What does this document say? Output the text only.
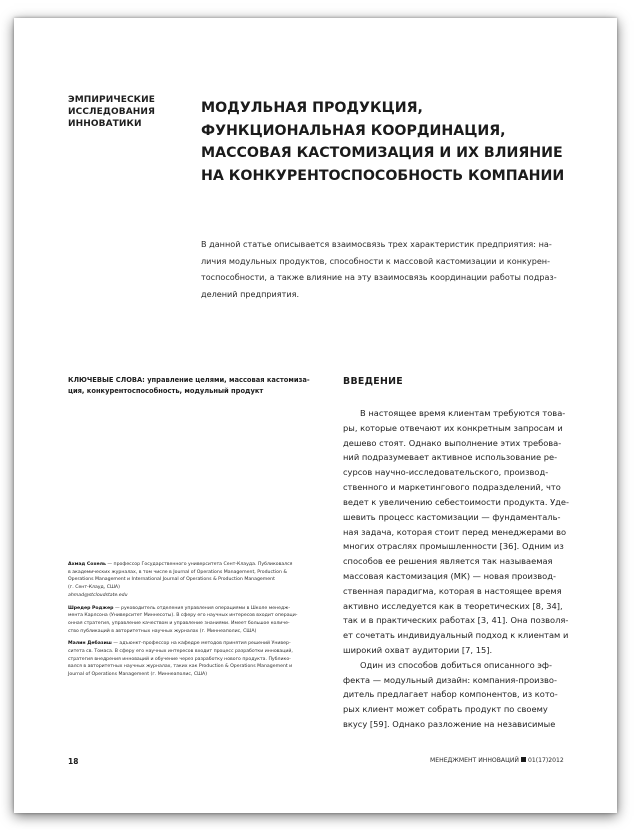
ЭМПИРИЧЕСКИЕ
ИССЛЕДОВАНИЯ
ИННОВАТИКИ
МОДУЛЬНАЯ ПРОДУКЦИЯ,
ФУНКЦИОНАЛЬНАЯ КООРДИНАЦИЯ,
МАССОВАЯ КАСТОМИЗАЦИЯ И ИХ ВЛИЯНИЕ
НА КОНКУРЕНТОСПОСОБНОСТЬ КОМПАНИИ
В данной статье описывается взаимосвязь трех характеристик предприятия: на-
личия модульных продуктов, способности к массовой кастомизации и конкурен-
тоспособности, а также влияние на эту взаимосвязь координации работы подраз-
делений предприятия.
КЛЮЧЕВЫЕ СЛОВА: управление целями, массовая кастомиза-
ция, конкурентоспособность, модульный продукт
Ахмад Сохель — профессор Государственного университета Сент-Клауда. Публиковался
в академических журналах, в том числе в Journal of Operations Management, Production &
Operations Management и International Journal of Operations & Production Management
(г. Сент-Клауд, США)
ahmad@stcloudstate.edu
Шредер Роджер — руководитель отделения управления операциями в Школе менедж-
мента Карлсона (Университет Миннесоты). В сферу его научных интересов входит операци-
онная стратегия, управление качеством и управление знаниями. Имеет большое количе-
ство публикаций в авторитетных научных журналах (г. Миннеаполис, США)
Малин Дебазиш — адъюнкт-профессор на кафедре методов принятия решений Универ-
ситета св. Томаса. В сферу его научных интересов входит процесс разработки инноваций,
стратегия внедрения инноваций и обучение через разработку нового продукта. Публико-
вался в авторитетных научных журналах, таких как Production & Operations Management и
Journal of Operations Management (г. Миннеаполис, США)
ВВЕДЕНИЕ
В настоящее время клиентам требуются това-
ры, которые отвечают их конкретным запросам и
дешево стоят. Однако выполнение этих требова-
ний подразумевает активное использование ре-
сурсов научно-исследовательского, производ-
ственного и маркетингового подразделений, что
ведет к увеличению себестоимости продукта. Уде-
шевить процесс кастомизации — фундаменталь-
ная задача, которая стоит перед менеджерами во
многих отраслях промышленности [36]. Одним из
способов ее решения является так называемая
массовая кастомизация (МК) — новая производ-
ственная парадигма, которая в настоящее время
активно исследуется как в теоретических [8, 34],
так и в практических работах [3, 41]. Она позволя-
ет сочетать индивидуальный подход к клиентам и
широкий охват аудитории [7, 15].
Один из способов добиться описанного эф-
фекта — модульный дизайн: компания-произво-
дитель предлагает набор компонентов, из кото-
рых клиент может собрать продукт по своему
вкусу [59]. Однако разложение на независимые
18	МЕНЕДЖМЕНТ ИННОВАЦИЙ 01(17)2012
